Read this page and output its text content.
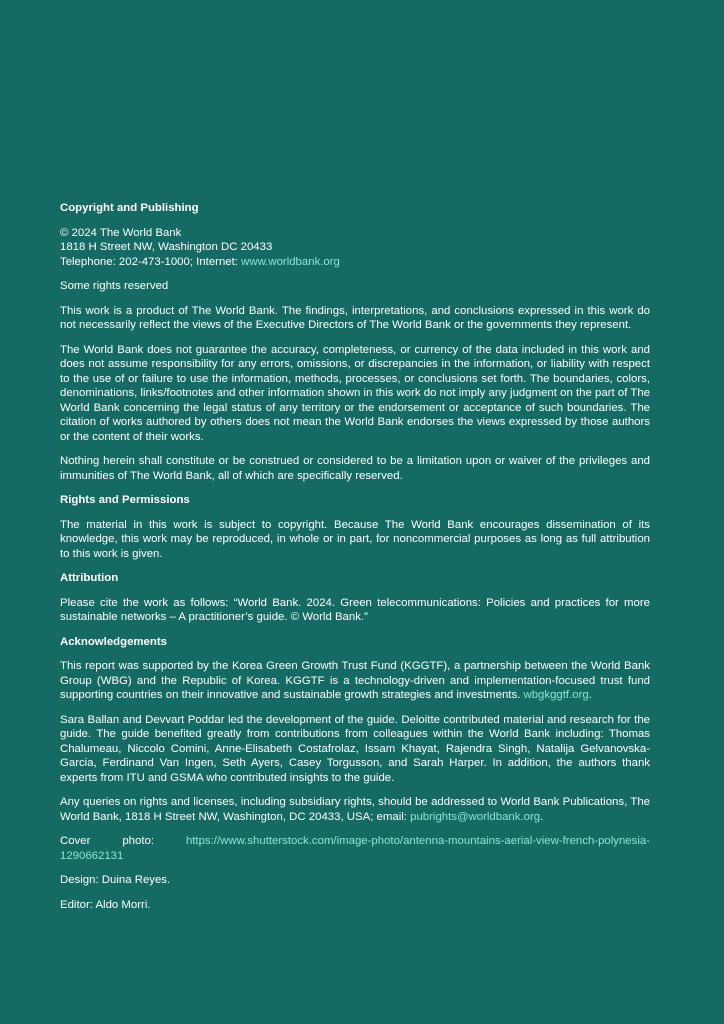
Copyright and Publishing
© 2024 The World Bank
1818 H Street NW, Washington DC 20433
Telephone: 202-473-1000; Internet: www.worldbank.org
Some rights reserved
This work is a product of The World Bank. The findings, interpretations, and conclusions expressed in this work do not necessarily reflect the views of the Executive Directors of The World Bank or the governments they represent.
The World Bank does not guarantee the accuracy, completeness, or currency of the data included in this work and does not assume responsibility for any errors, omissions, or discrepancies in the information, or liability with respect to the use of or failure to use the information, methods, processes, or conclusions set forth. The boundaries, colors, denominations, links/footnotes and other information shown in this work do not imply any judgment on the part of The World Bank concerning the legal status of any territory or the endorsement or acceptance of such boundaries. The citation of works authored by others does not mean the World Bank endorses the views expressed by those authors or the content of their works.
Nothing herein shall constitute or be construed or considered to be a limitation upon or waiver of the privileges and immunities of The World Bank, all of which are specifically reserved.
Rights and Permissions
The material in this work is subject to copyright. Because The World Bank encourages dissemination of its knowledge, this work may be reproduced, in whole or in part, for noncommercial purposes as long as full attribution to this work is given.
Attribution
Please cite the work as follows: “World Bank. 2024. Green telecommunications: Policies and practices for more sustainable networks – A practitioner’s guide. © World Bank.”
Acknowledgements
This report was supported by the Korea Green Growth Trust Fund (KGGTF), a partnership between the World Bank Group (WBG) and the Republic of Korea. KGGTF is a technology-driven and implementation-focused trust fund supporting countries on their innovative and sustainable growth strategies and investments. wbgkggtf.org.
Sara Ballan and Devvart Poddar led the development of the guide. Deloitte contributed material and research for the guide. The guide benefited greatly from contributions from colleagues within the World Bank including: Thomas Chalumeau, Niccolo Comini, Anne-Elisabeth Costafrolaz, Issam Khayat, Rajendra Singh, Natalija Gelvanovska-Garcia, Ferdinand Van Ingen, Seth Ayers, Casey Torgusson, and Sarah Harper. In addition, the authors thank experts from ITU and GSMA who contributed insights to the guide.
Any queries on rights and licenses, including subsidiary rights, should be addressed to World Bank Publications, The World Bank, 1818 H Street NW, Washington, DC 20433, USA; email: pubrights@worldbank.org.
Cover photo: https://www.shutterstock.com/image-photo/antenna-mountains-aerial-view-french-polynesia-1290662131
Design: Duina Reyes.
Editor: Aldo Morri.
